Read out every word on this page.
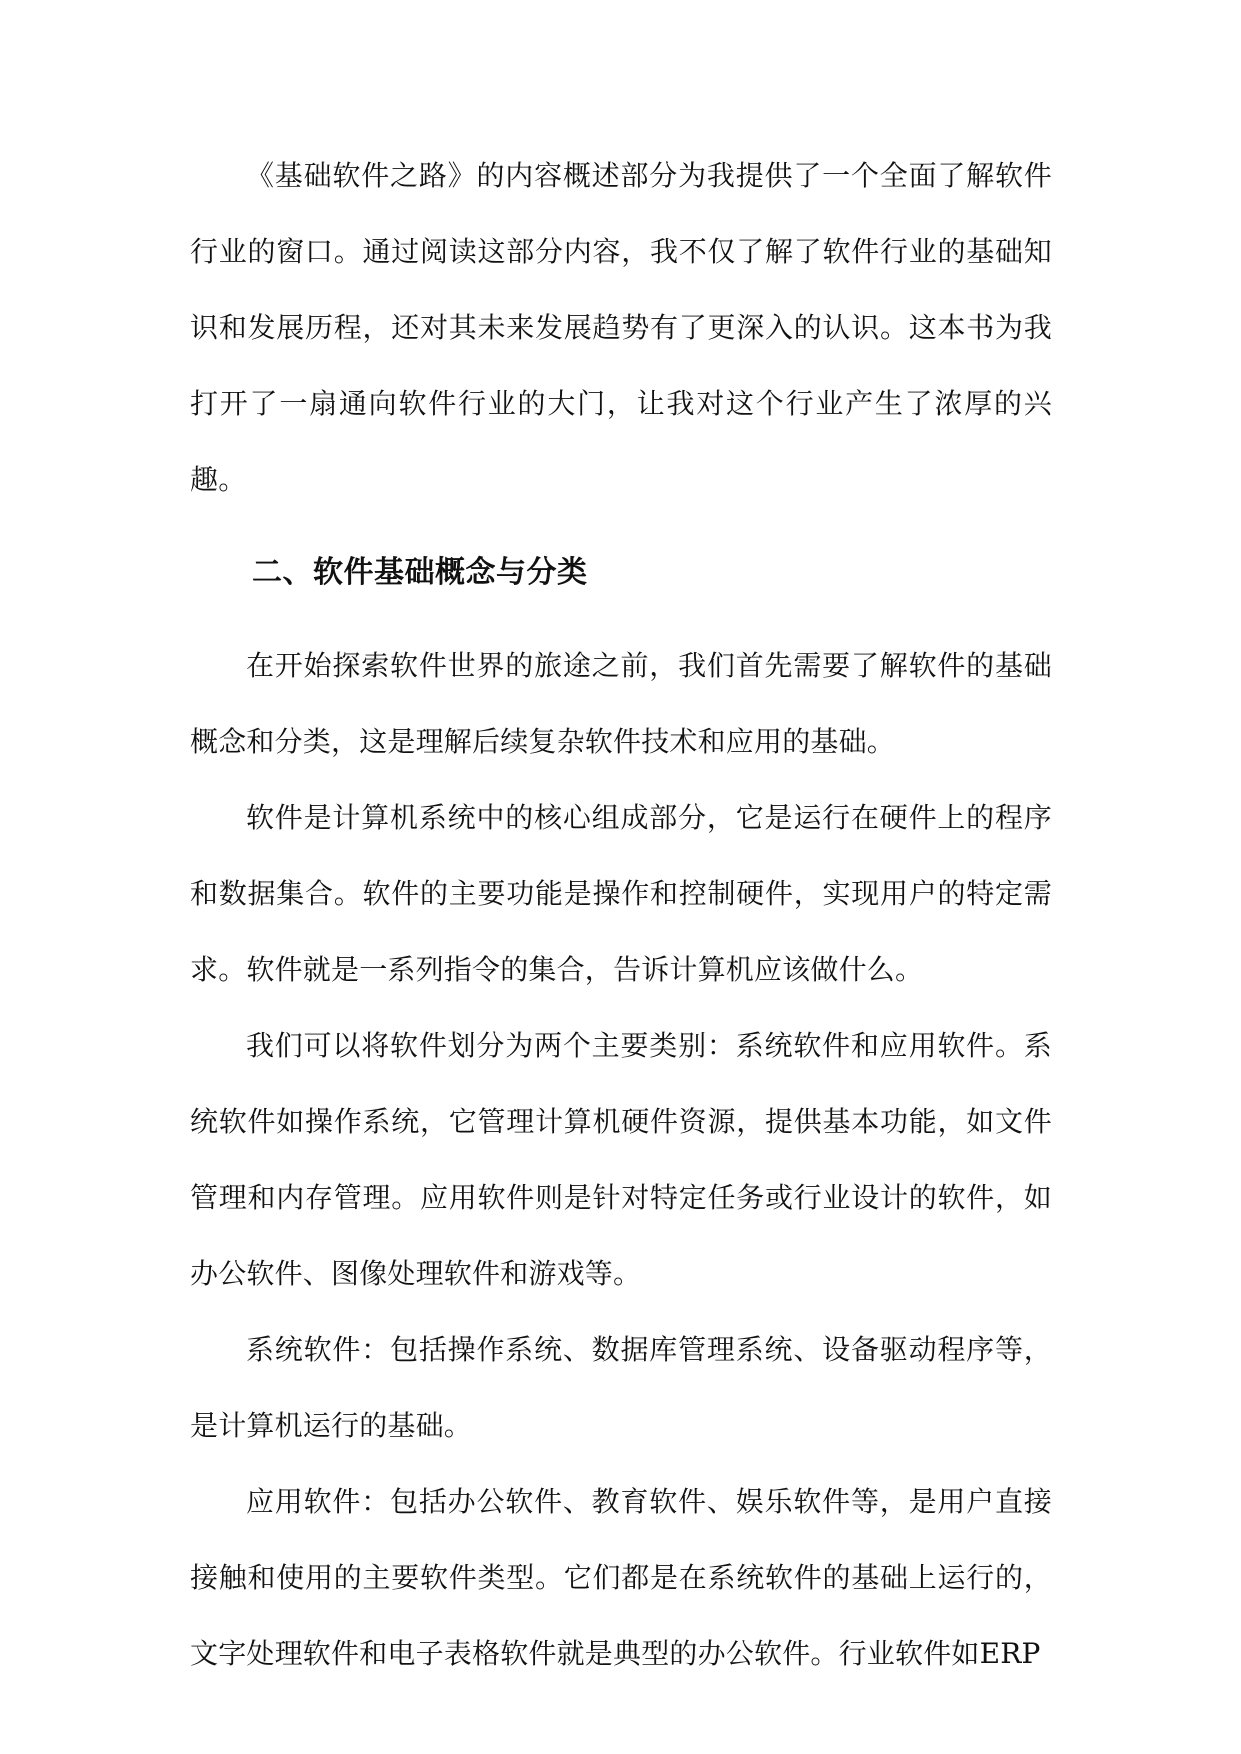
《基础软件之路》的内容概述部分为我提供了一个全面了解软件行业的窗口。通过阅读这部分内容，我不仅了解了软件行业的基础知识和发展历程，还对其未来发展趋势有了更深入的认识。这本书为我打开了一扇通向软件行业的大门，让我对这个行业产生了浓厚的兴趣。

二、软件基础概念与分类

在开始探索软件世界的旅途之前，我们首先需要了解软件的基础概念和分类，这是理解后续复杂软件技术和应用的基础。

软件是计算机系统中的核心组成部分，它是运行在硬件上的程序和数据集合。软件的主要功能是操作和控制硬件，实现用户的特定需求。软件就是一系列指令的集合，告诉计算机应该做什么。

我们可以将软件划分为两个主要类别：系统软件和应用软件。系统软件如操作系统，它管理计算机硬件资源，提供基本功能，如文件管理和内存管理。应用软件则是针对特定任务或行业设计的软件，如办公软件、图像处理软件和游戏等。

系统软件：包括操作系统、数据库管理系统、设备驱动程序等，是计算机运行的基础。

应用软件：包括办公软件、教育软件、娱乐软件等，是用户直接接触和使用的主要软件类型。它们都是在系统软件的基础上运行的，文字处理软件和电子表格软件就是典型的办公软件。行业软件如ERP
